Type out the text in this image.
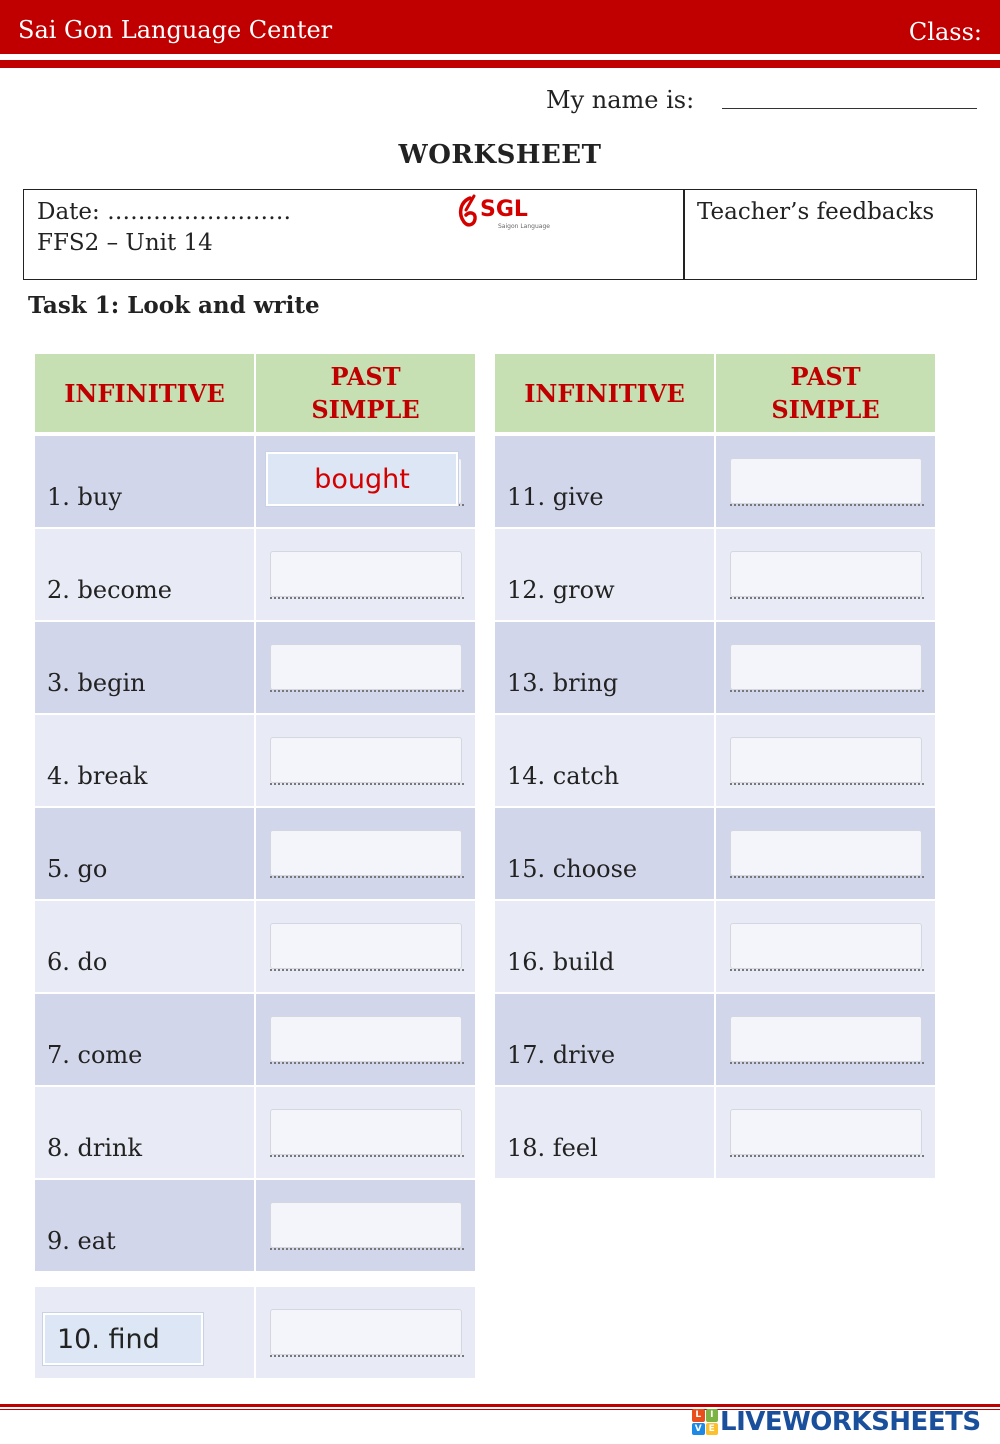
Sai Gon Language Center	Class:
My name is:
WORKSHEET
Date: ……………………
FFS2 – Unit 14
SGL
Saigon Language
Teacher’s feedbacks
Task 1: Look and write
INFINITIVE
PAST
SIMPLE
1. buy
bought
2. become
3. begin
4. break
5. go
6. do
7. come
8. drink
9. eat
10. find
INFINITIVE
PAST
SIMPLE
11. give
12. grow
13. bring
14. catch
15. choose
16. build
17. drive
18. feel
L I
V E LIVEWORKSHEETS
